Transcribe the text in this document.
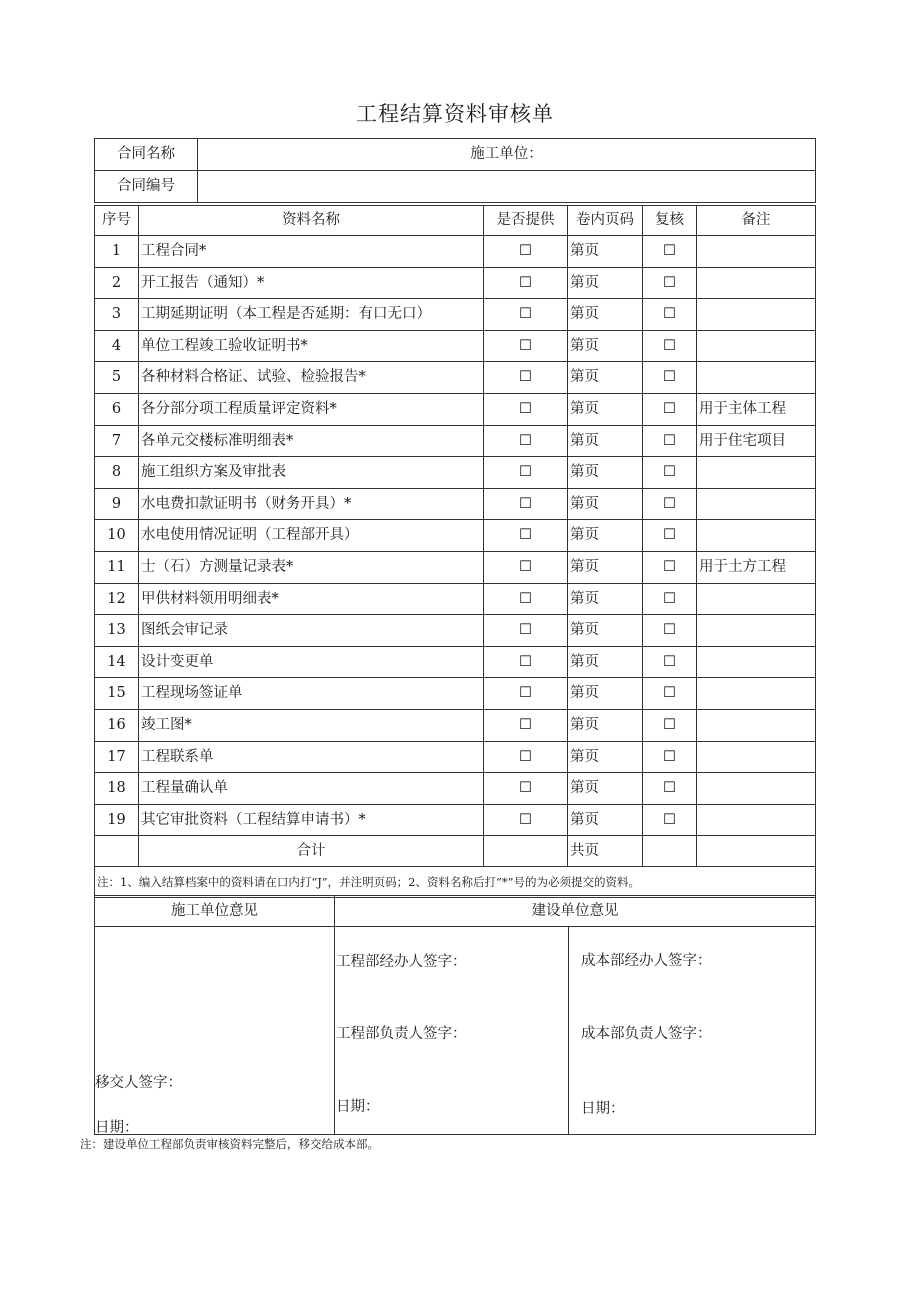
工程结算资料审核单
合同名称	施工单位：
合同编号	
序号	资料名称	是否提供	卷内页码	复核	备注
1	工程合同*	☐	第页	☐	
2	开工报告（通知）*	☐	第页	☐	
3	工期延期证明（本工程是否延期：有口无口）	☐	第页	☐	
4	单位工程竣工验收证明书*	☐	第页	☐	
5	各种材料合格证、试验、检验报告*	☐	第页	☐	
6	各分部分项工程质量评定资料*	☐	第页	☐	用于主体工程
7	各单元交楼标准明细表*	☐	第页	☐	用于住宅项目
8	施工组织方案及审批表	☐	第页	☐	
9	水电费扣款证明书（财务开具）*	☐	第页	☐	
10	水电使用情况证明（工程部开具）	☐	第页	☐	
11	士（石）方测量记录表*	☐	第页	☐	用于土方工程
12	甲供材料领用明细表*	☐	第页	☐	
13	图纸会审记录	☐	第页	☐	
14	设计变更单	☐	第页	☐	
15	工程现场签证单	☐	第页	☐	
16	竣工图*	☐	第页	☐	
17	工程联系单	☐	第页	☐	
18	工程量确认单	☐	第页	☐	
19	其它审批资料（工程结算申请书）*	☐	第页	☐	
	合计		共页		
注：1、编入结算档案中的资料请在口内打“J”，并注明页码；2、资料名称后打“*”号的为必须提交的资料。					
施工单位意见	建设单位意见

移交人签字：
日期：
工程部经办人签字：
工程部负责人签字：
日期：
成本部经办人签字：
成本部负责人签字：
日期：
注：建设单位工程部负责审核资料完整后，移交给成本部。
